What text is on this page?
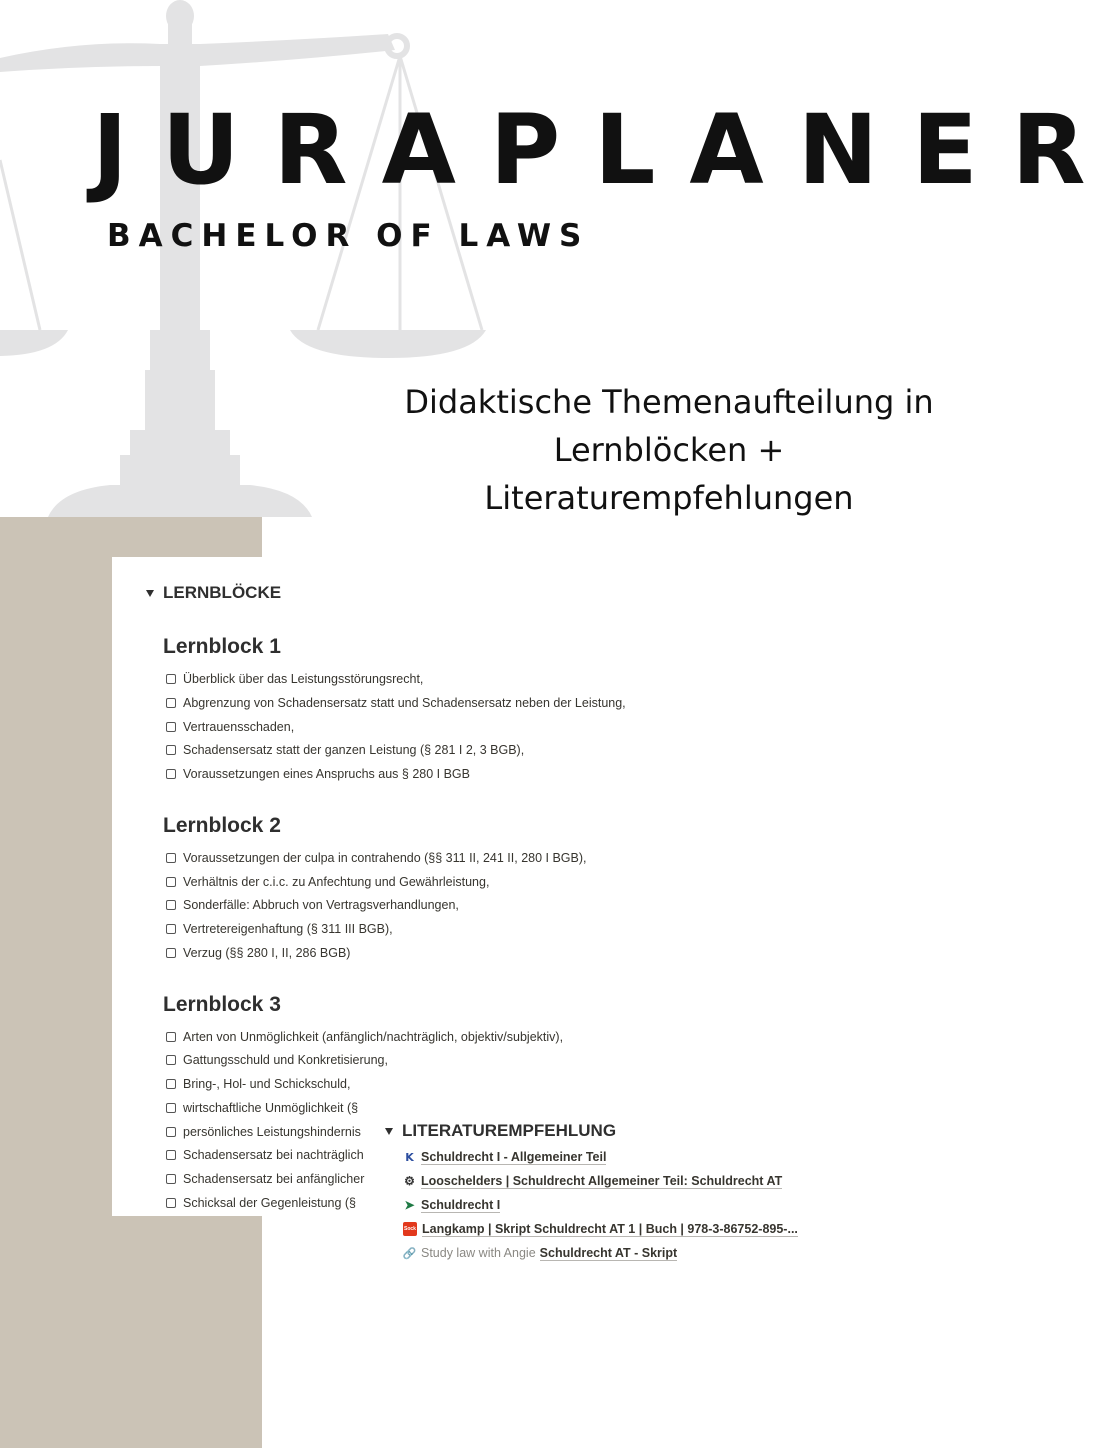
JURAPLANER
BACHELOR OF LAWS
Didaktische Themenaufteilung in
Lernblöcken +
Literaturempfehlungen
LERNBLÖCKE
Lernblock 1
Überblick über das Leistungsstörungsrecht,
Abgrenzung von Schadensersatz statt und Schadensersatz neben der Leistung,
Vertrauensschaden,
Schadensersatz statt der ganzen Leistung (§ 281 I 2, 3 BGB),
Voraussetzungen eines Anspruchs aus § 280 I BGB
Lernblock 2
Voraussetzungen der culpa in contrahendo (§§ 311 II, 241 II, 280 I BGB),
Verhältnis der c.i.c. zu Anfechtung und Gewährleistung,
Sonderfälle: Abbruch von Vertragsverhandlungen,
Vertretereigenhaftung (§ 311 III BGB),
Verzug (§§ 280 I, II, 286 BGB)
Lernblock 3
Arten von Unmöglichkeit (anfänglich/nachträglich, objektiv/subjektiv),
Gattungsschuld und Konkretisierung,
Bring-, Hol- und Schickschuld,
wirtschaftliche Unmöglichkeit (§
persönliches Leistungshindernis
Schadensersatz bei nachträglich
Schadensersatz bei anfänglicher
Schicksal der Gegenleistung (§
LITERATUREMPFEHLUNG
K Schuldrecht I - Allgemeiner Teil
⚙ Looschelders | Schuldrecht Allgemeiner Teil: Schuldrecht AT
➤ Schuldrecht I
Sock Langkamp | Skript Schuldrecht AT 1 | Buch | 978-3-86752-895-...
🔗 Study law with Angie Schuldrecht AT - Skript
